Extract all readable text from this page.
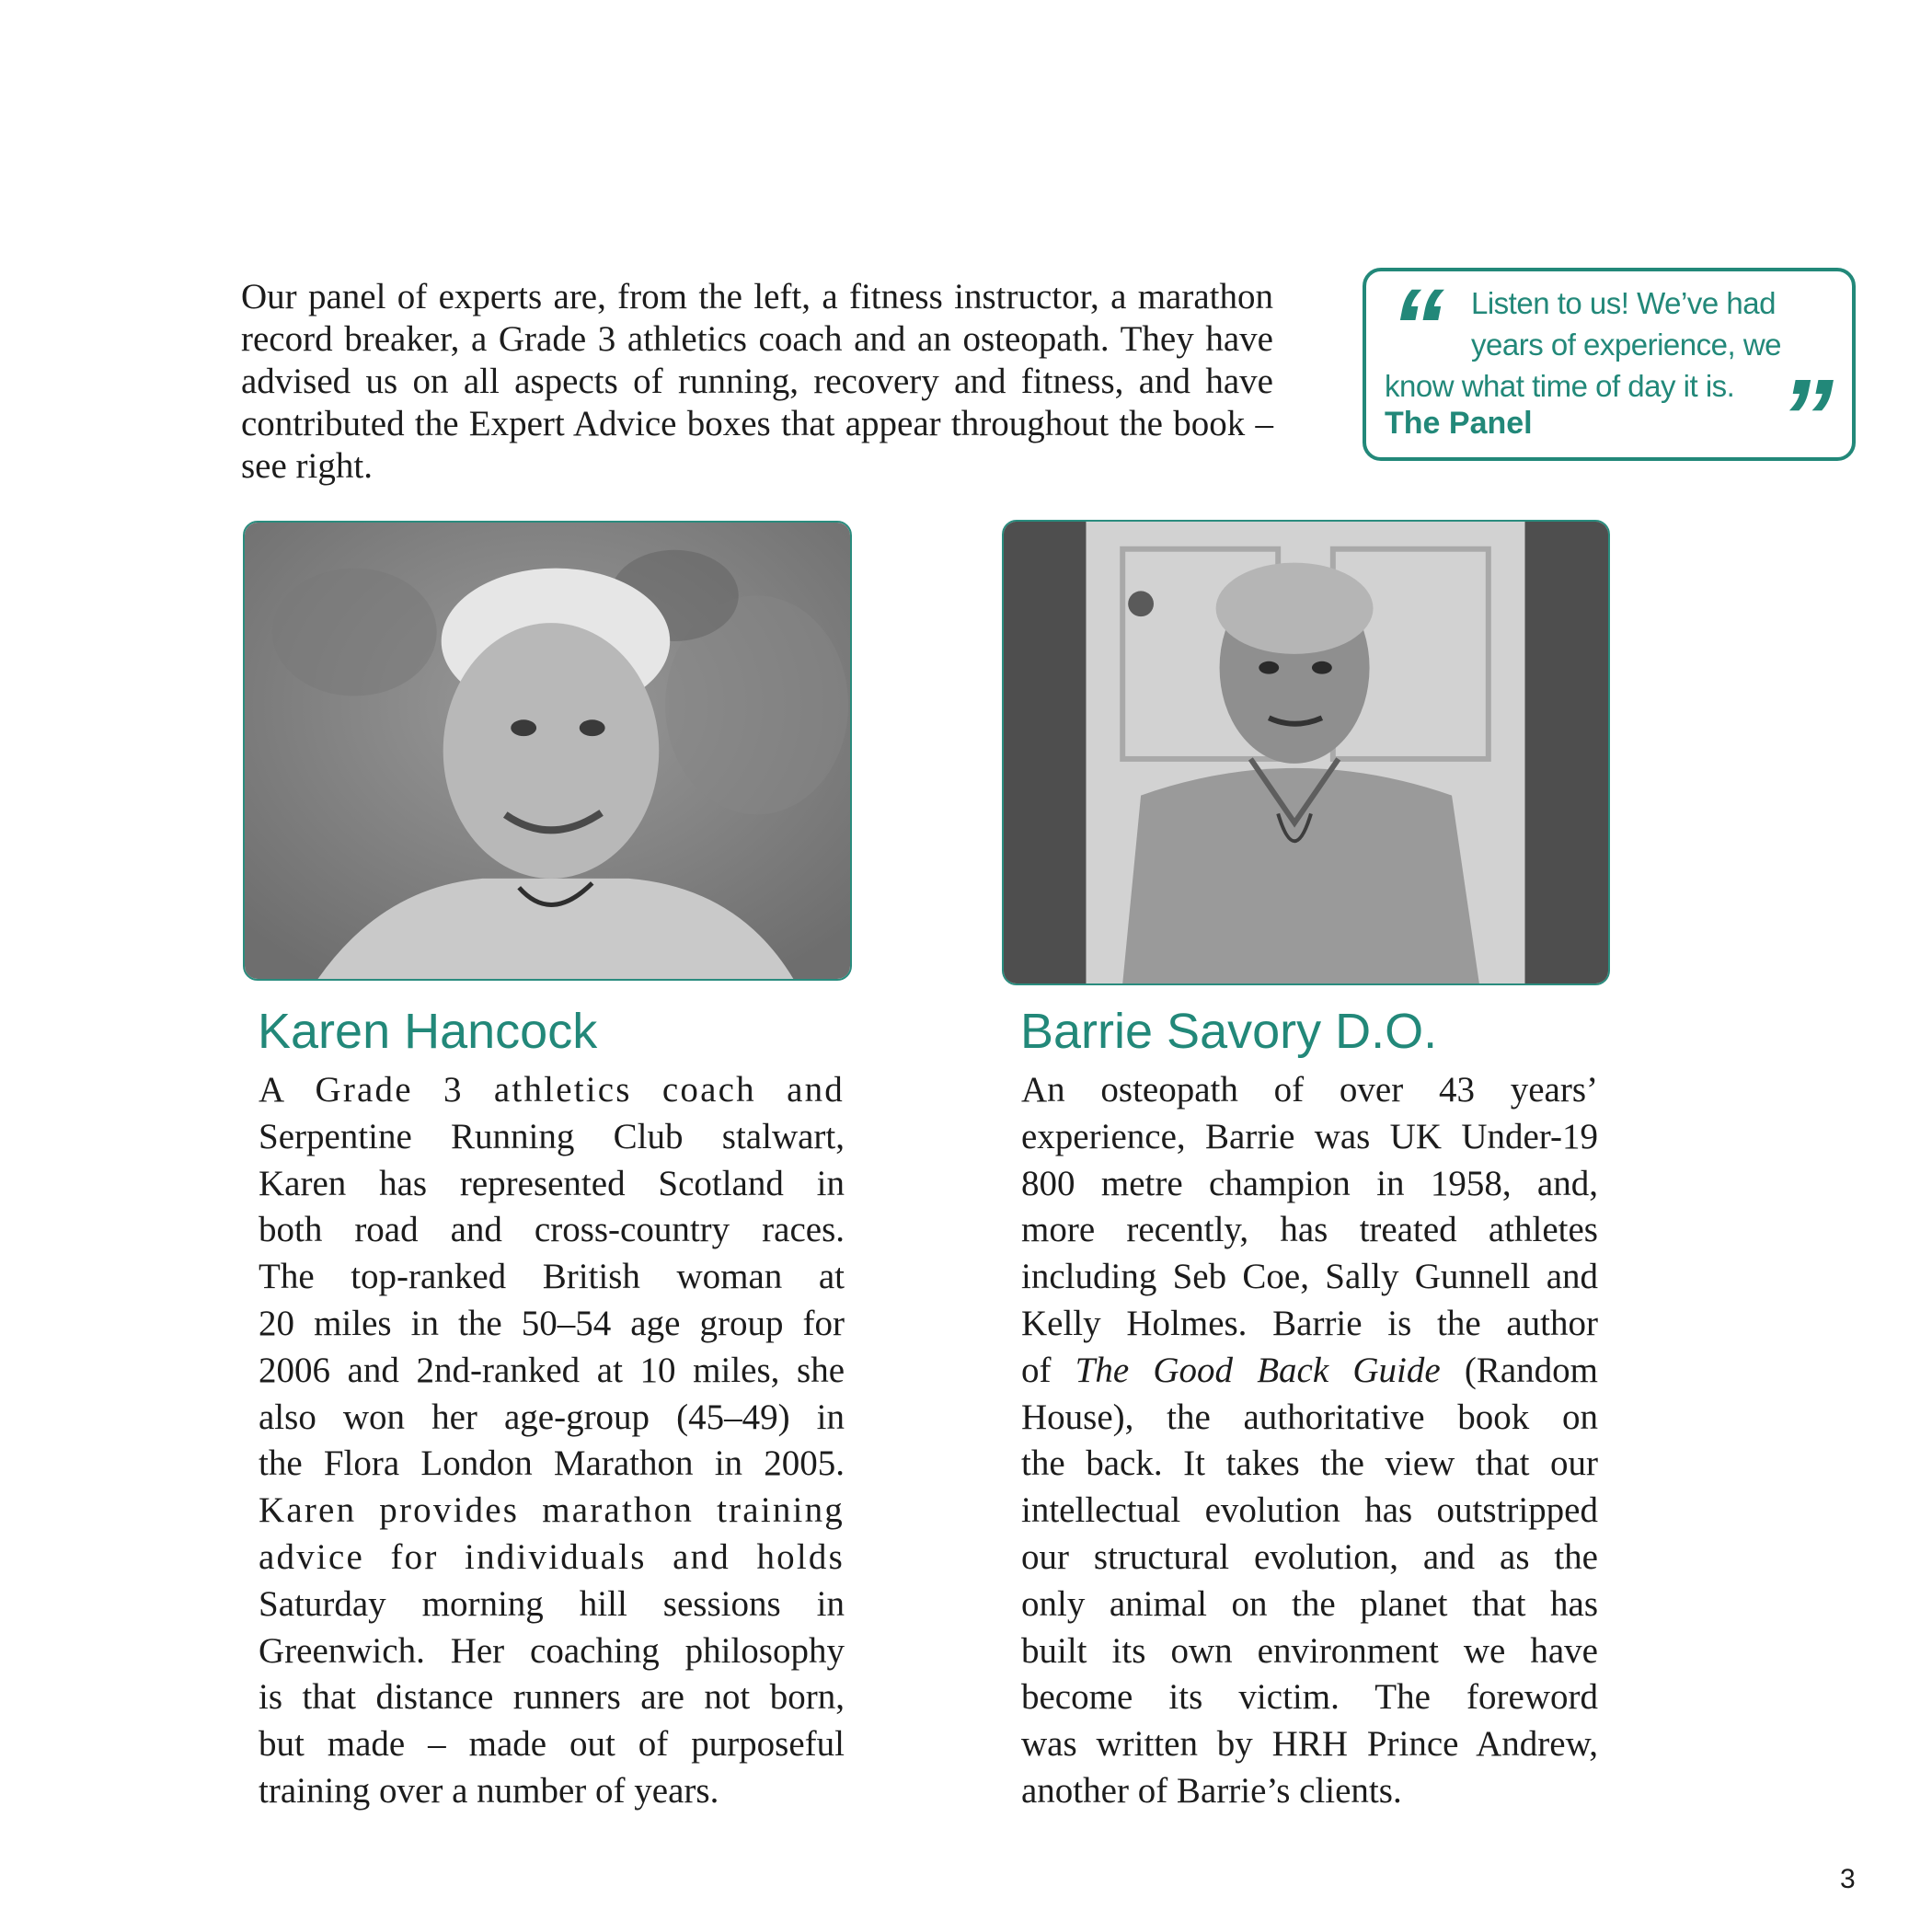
Our panel of experts are, from the left, a fitness instructor, a marathon record breaker, a Grade 3 athletics coach and an osteopath. They have advised us on all aspects of running, recovery and fitness, and have contributed the Expert Advice boxes that appear throughout the book – see right.

“
”

Listen to us! We’ve had
years of experience, we
know what time of day it is.

The Panel
Karen Hancock	Barrie Savory D.O.

A Grade 3 athletics coach and
Serpentine Running Club stalwart,
Karen has represented Scotland in
both road and cross-country races.
The top-ranked British woman at
20 miles in the 50–54 age group for
2006 and 2nd-ranked at 10 miles, she
also won her age-group (45–49) in
the Flora London Marathon in 2005.
Karen provides marathon training
advice for individuals and holds
Saturday morning hill sessions in
Greenwich. Her coaching philosophy
is that distance runners are not born,
but made – made out of purposeful
training over a number of years.

An osteopath of over 43 years’
experience, Barrie was UK Under-19
800 metre champion in 1958, and,
more recently, has treated athletes
including Seb Coe, Sally Gunnell and
Kelly Holmes. Barrie is the author
of The Good Back Guide (Random
House), the authoritative book on
the back. It takes the view that our
intellectual evolution has outstripped
our structural evolution, and as the
only animal on the planet that has
built its own environment we have
become its victim. The foreword
was written by HRH Prince Andrew,
another of Barrie’s clients.

3
